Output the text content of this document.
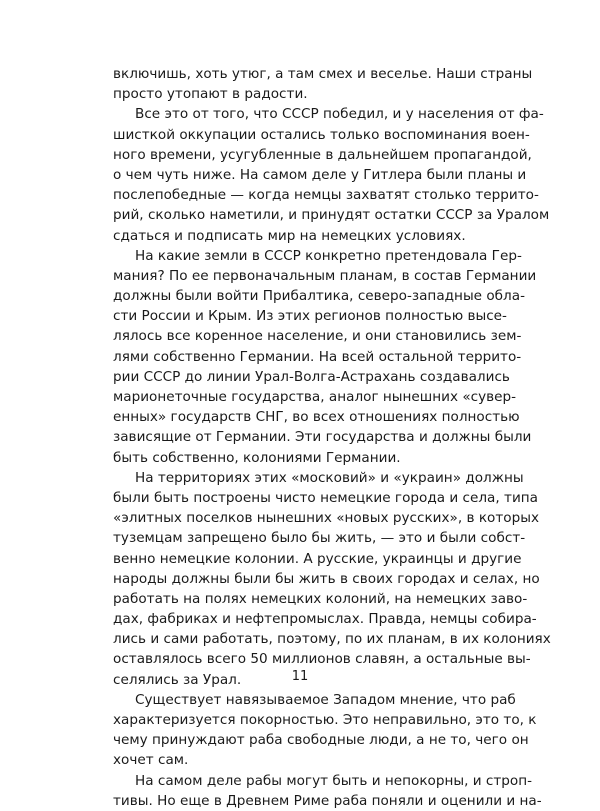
включишь, хоть утюг, а там смех и веселье. Наши страны
просто утопают в радости.
Все это от того, что СССР победил, и у населения от фа-
шисткой оккупации остались только воспоминания воен-
ного времени, усугубленные в дальнейшем пропагандой,
о чем чуть ниже. На самом деле у Гитлера были планы и
послепобедные — когда немцы захватят столько террито-
рий, сколько наметили, и принудят остатки СССР за Уралом
сдаться и подписать мир на немецких условиях.
На какие земли в СССР конкретно претендовала Гер-
мания? По ее первоначальным планам, в состав Германии
должны были войти Прибалтика, северо-западные обла-
сти России и Крым. Из этих регионов полностью высе-
лялось все коренное население, и они становились зем-
лями собственно Германии. На всей остальной террито-
рии СССР до линии Урал-Волга-Астрахань создавались
марионеточные государства, аналог нынешних «сувер-
енных» государств СНГ, во всех отношениях полностью
зависящие от Германии. Эти государства и должны были
быть собственно, колониями Германии.
На территориях этих «московий» и «украин» должны
были быть построены чисто немецкие города и села, типа
«элитных поселков нынешних «новых русских», в которых
туземцам запрещено было бы жить, — это и были собст-
венно немецкие колонии. А русские, украинцы и другие
народы должны были бы жить в своих городах и селах, но
работать на полях немецких колоний, на немецких заво-
дах, фабриках и нефтепромыслах. Правда, немцы собира-
лись и сами работать, поэтому, по их планам, в их колониях
оставлялось всего 50 миллионов славян, а остальные вы-
селялись за Урал.
Существует навязываемое Западом мнение, что раб
характеризуется покорностью. Это неправильно, это то, к
чему принуждают раба свободные люди, а не то, чего он
хочет сам.
На самом деле рабы могут быть и непокорны, и строп-
тивы. Но еще в Древнем Риме раба поняли и оценили и на-
11
